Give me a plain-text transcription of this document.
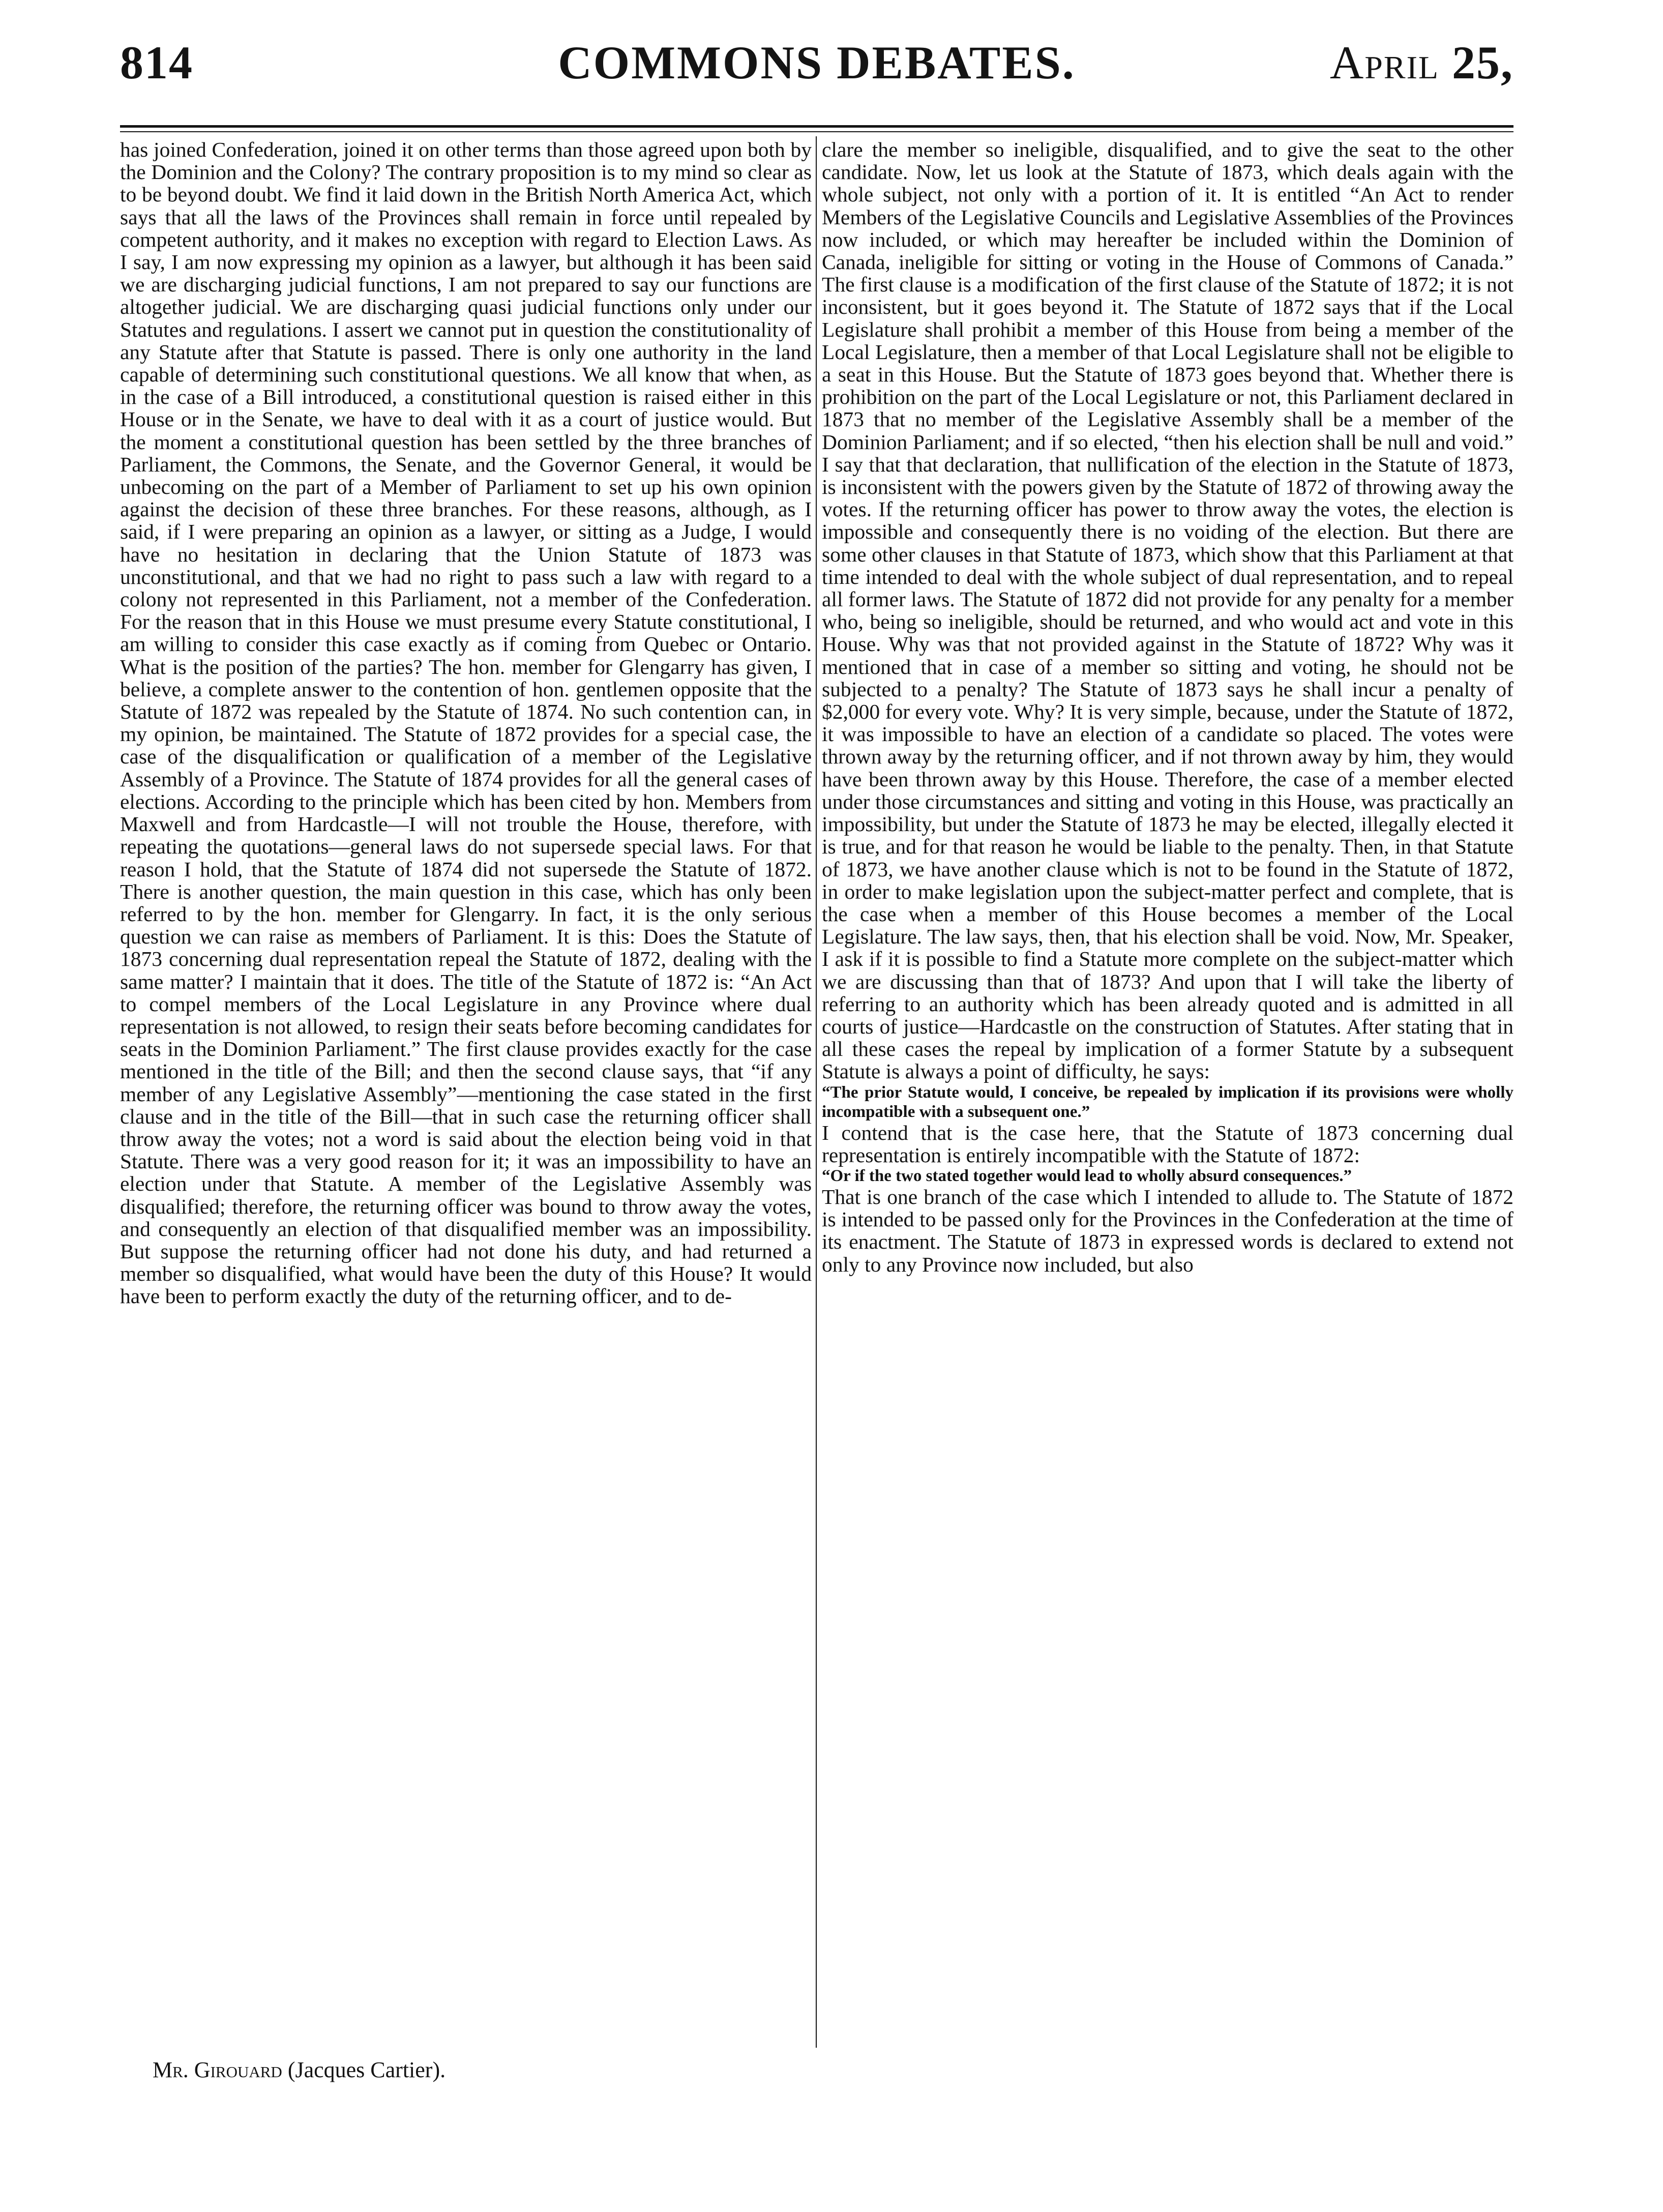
814	COMMONS DEBATES.	April 25,

has joined Confederation, joined it on other terms than those agreed upon both by the Dominion and the Colony? The contrary proposition is to my mind so clear as to be beyond doubt. We find it laid down in the British North America Act, which says that all the laws of the Provinces shall remain in force until repealed by competent authority, and it makes no exception with regard to Election Laws. As I say, I am now expressing my opinion as a lawyer, but although it has been said we are discharging judicial functions, I am not prepared to say our functions are altogether judicial. We are discharging quasi judicial functions only under our Statutes and regulations. I assert we cannot put in question the constitutionality of any Statute after that Statute is passed. There is only one authority in the land capable of determining such constitutional questions. We all know that when, as in the case of a Bill introduced, a constitutional question is raised either in this House or in the Senate, we have to deal with it as a court of justice would. But the moment a constitutional question has been settled by the three branches of Parliament, the Commons, the Senate, and the Governor General, it would be unbecoming on the part of a Member of Parliament to set up his own opinion against the decision of these three branches. For these reasons, although, as I said, if I were preparing an opinion as a lawyer, or sitting as a Judge, I would have no hesitation in declaring that the Union Statute of 1873 was unconstitutional, and that we had no right to pass such a law with regard to a colony not represented in this Parliament, not a member of the Confederation. For the reason that in this House we must presume every Statute constitutional, I am willing to consider this case exactly as if coming from Quebec or Ontario. What is the position of the parties? The hon. member for Glengarry has given, I believe, a complete answer to the contention of hon. gentlemen opposite that the Statute of 1872 was repealed by the Statute of 1874. No such contention can, in my opinion, be maintained. The Statute of 1872 provides for a special case, the case of the disqualification or qualification of a member of the Legislative Assembly of a Province. The Statute of 1874 provides for all the general cases of elections. According to the principle which has been cited by hon. Members from Maxwell and from Hardcastle—I will not trouble the House, therefore, with repeating the quotations—general laws do not supersede special laws. For that reason I hold, that the Statute of 1874 did not supersede the Statute of 1872. There is another question, the main question in this case, which has only been referred to by the hon. member for Glengarry. In fact, it is the only serious question we can raise as members of Parliament. It is this: Does the Statute of 1873 concerning dual representation repeal the Statute of 1872, dealing with the same matter? I maintain that it does. The title of the Statute of 1872 is: “An Act to compel members of the Local Legislature in any Province where dual representation is not allowed, to resign their seats before becoming candidates for seats in the Dominion Parliament.” The first clause provides exactly for the case mentioned in the title of the Bill; and then the second clause says, that “if any member of any Legislative Assembly”—mentioning the case stated in the first clause and in the title of the Bill—that in such case the returning officer shall throw away the votes; not a word is said about the election being void in that Statute. There was a very good reason for it; it was an impossibility to have an election under that Statute. A member of the Legislative Assembly was disqualified; therefore, the returning officer was bound to throw away the votes, and consequently an election of that disqualified member was an impossibility. But suppose the returning officer had not done his duty, and had returned a member so disqualified, what would have been the duty of this House? It would have been to perform exactly the duty of the returning officer, and to de-

clare the member so ineligible, disqualified, and to give the seat to the other candidate. Now, let us look at the Statute of 1873, which deals again with the whole subject, not only with a portion of it. It is entitled “An Act to render Members of the Legislative Councils and Legislative Assemblies of the Provinces now included, or which may hereafter be included within the Dominion of Canada, ineligible for sitting or voting in the House of Commons of Canada.” The first clause is a modification of the first clause of the Statute of 1872; it is not inconsistent, but it goes beyond it. The Statute of 1872 says that if the Local Legislature shall prohibit a member of this House from being a member of the Local Legislature, then a member of that Local Legislature shall not be eligible to a seat in this House. But the Statute of 1873 goes beyond that. Whether there is prohibition on the part of the Local Legislature or not, this Parliament declared in 1873 that no member of the Legislative Assembly shall be a member of the Dominion Parliament; and if so elected, “then his election shall be null and void.” I say that that declaration, that nullification of the election in the Statute of 1873, is inconsistent with the powers given by the Statute of 1872 of throwing away the votes. If the returning officer has power to throw away the votes, the election is impossible and consequently there is no voiding of the election. But there are some other clauses in that Statute of 1873, which show that this Parliament at that time intended to deal with the whole subject of dual representation, and to repeal all former laws. The Statute of 1872 did not provide for any penalty for a member who, being so ineligible, should be returned, and who would act and vote in this House. Why was that not provided against in the Statute of 1872? Why was it mentioned that in case of a member so sitting and voting, he should not be subjected to a penalty? The Statute of 1873 says he shall incur a penalty of $2,000 for every vote. Why? It is very simple, because, under the Statute of 1872, it was impossible to have an election of a candidate so placed. The votes were thrown away by the returning officer, and if not thrown away by him, they would have been thrown away by this House. Therefore, the case of a member elected under those circumstances and sitting and voting in this House, was practically an impossibility, but under the Statute of 1873 he may be elected, illegally elected it is true, and for that reason he would be liable to the penalty. Then, in that Statute of 1873, we have another clause which is not to be found in the Statute of 1872, in order to make legislation upon the subject-matter perfect and complete, that is the case when a member of this House becomes a member of the Local Legislature. The law says, then, that his election shall be void. Now, Mr. Speaker, I ask if it is possible to find a Statute more complete on the subject-matter which we are discussing than that of 1873? And upon that I will take the liberty of referring to an authority which has been already quoted and is admitted in all courts of justice—Hardcastle on the construction of Statutes. After stating that in all these cases the repeal by implication of a former Statute by a subsequent Statute is always a point of difficulty, he says:

“The prior Statute would, I conceive, be repealed by implication if its provisions were wholly incompatible with a subsequent one.”

I contend that is the case here, that the Statute of 1873 concerning dual representation is entirely incompatible with the Statute of 1872:

“Or if the two stated together would lead to wholly absurd consequences.”

That is one branch of the case which I intended to allude to. The Statute of 1872 is intended to be passed only for the Provinces in the Confederation at the time of its enactment. The Statute of 1873 in expressed words is declared to extend not only to any Province now included, but also

Mr. Girouard (Jacques Cartier).
